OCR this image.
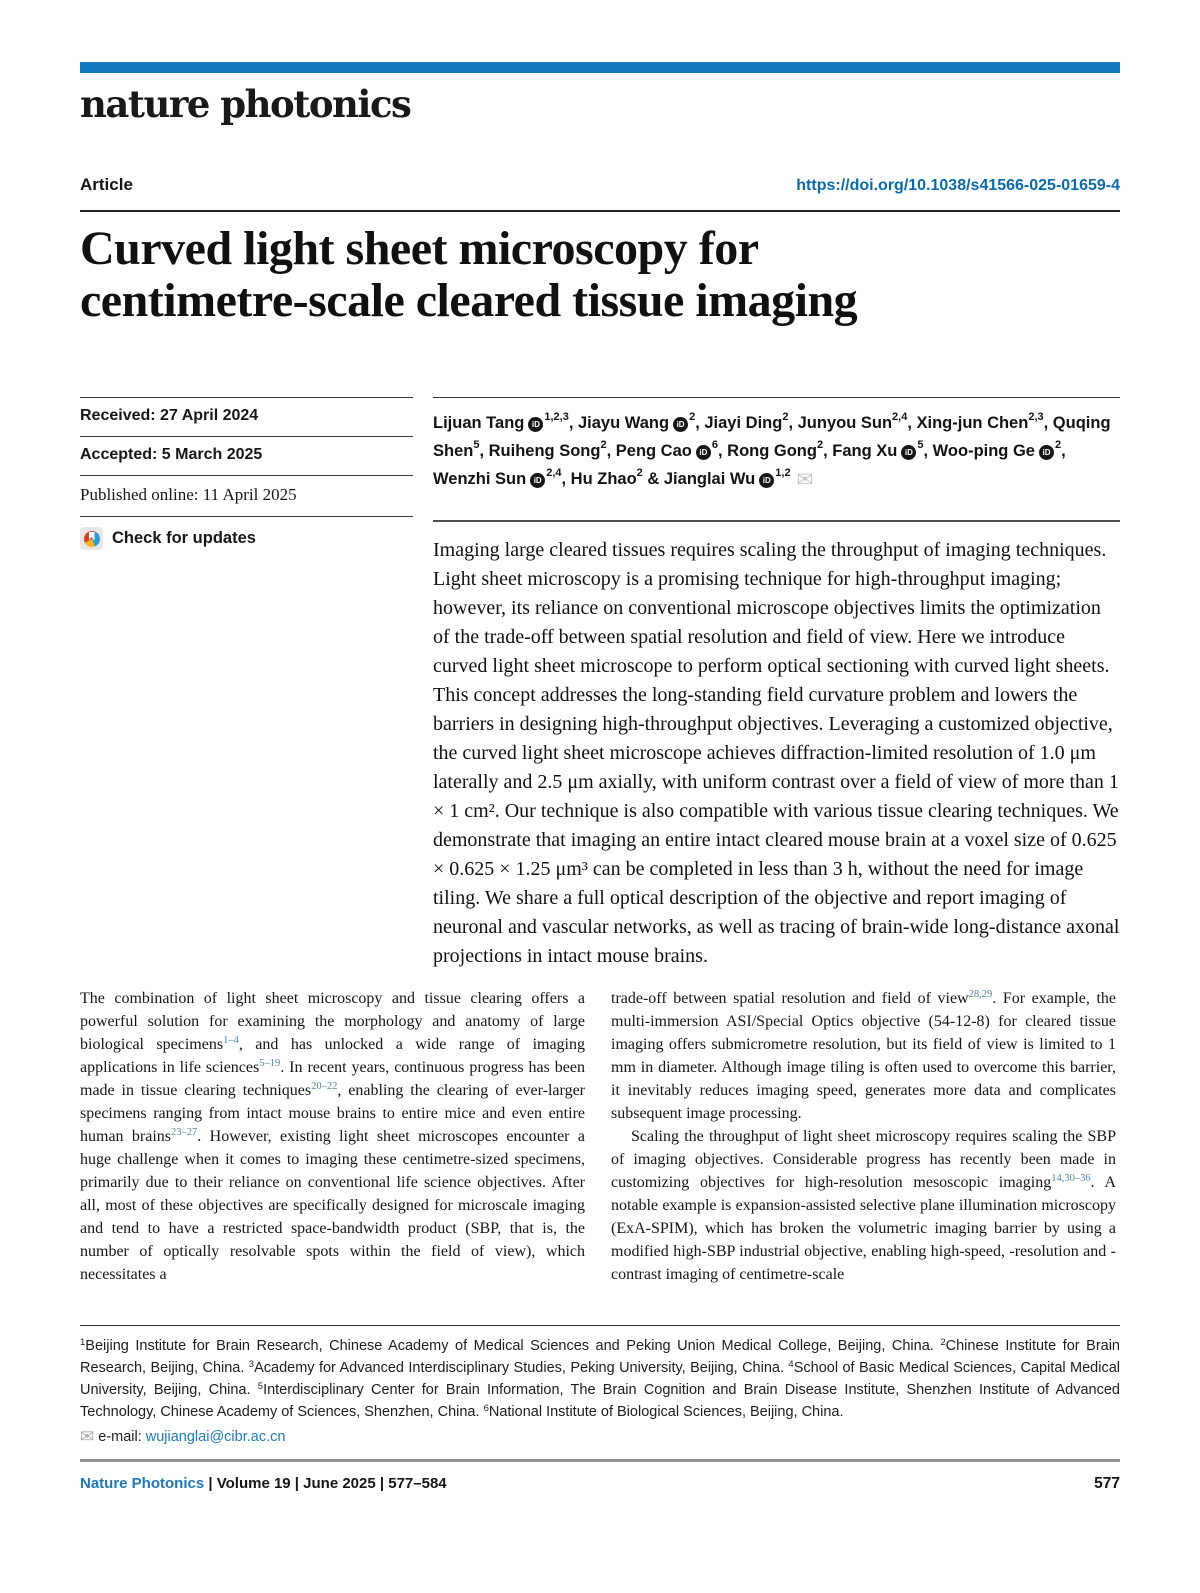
nature photonics
Article	https://doi.org/10.1038/s41566-025-01659-4
Curved light sheet microscopy for
centimetre-scale cleared tissue imaging
Received: 27 April 2024
Accepted: 5 March 2025
Published online: 11 April 2025
Check for updates

Lijuan Tang iD$^{1,2,3}$, Jiayu Wang $iD^2$, Jiayi Ding$^2$, Junyou Sun$^{2,4}$, Xing-jun Chen$^{2,3}$, Quqing Shen$^5$, Ruiheng Song$^2$, Peng Cao $iD^6$, Rong Gong$^2$, Fang Xu $iD^5$, Woo-ping Ge $iD^2$, Wenzhi Sun iD$^{2,4}$, Hu Zhao$^2$ & Jianglai Wu iD$^{1,2}$ ✉

Imaging large cleared tissues requires scaling the throughput of imaging techniques. Light sheet microscopy is a promising technique for high-throughput imaging; however, its reliance on conventional microscope objectives limits the optimization of the trade-off between spatial resolution and field of view. Here we introduce curved light sheet microscope to perform optical sectioning with curved light sheets. This concept addresses the long-standing field curvature problem and lowers the barriers in designing high-throughput objectives. Leveraging a customized objective, the curved light sheet microscope achieves diffraction-limited resolution of 1.0 μm laterally and 2.5 μm axially, with uniform contrast over a field of view of more than 1 × 1 cm². Our technique is also compatible with various tissue clearing techniques. We demonstrate that imaging an entire intact cleared mouse brain at a voxel size of 0.625 × 0.625 × 1.25 μm³ can be completed in less than 3 h, without the need for image tiling. We share a full optical description of the objective and report imaging of neuronal and vascular networks, as well as tracing of brain-wide long-distance axonal projections in intact mouse brains.

The combination of light sheet microscopy and tissue clearing offers a powerful solution for examining the morphology and anatomy of large biological specimens$^{1-4}$, and has unlocked a wide range of imaging applications in life sciences$^{5-19}$. In recent years, continuous progress has been made in tissue clearing techniques$^{20-22}$, enabling the clearing of ever-larger specimens ranging from intact mouse brains to entire mice and even entire human brains$^{23-27}$. However, existing light sheet microscopes encounter a huge challenge when it comes to imaging these centimetre-sized specimens, primarily due to their reliance on conventional life science objectives. After all, most of these objectives are specifically designed for microscale imaging and tend to have a restricted space-bandwidth product (SBP, that is, the number of optically resolvable spots within the field of view), which necessitates a

trade-off between spatial resolution and field of view$^{28,29}$. For example, the multi-immersion ASI/Special Optics objective (54-12-8) for cleared tissue imaging offers submicrometre resolution, but its field of view is limited to 1 mm in diameter. Although image tiling is often used to overcome this barrier, it inevitably reduces imaging speed, generates more data and complicates subsequent image processing.

Scaling the throughput of light sheet microscopy requires scaling the SBP of imaging objectives. Considerable progress has recently been made in customizing objectives for high-resolution mesoscopic imaging$^{14,30-36}$. A notable example is expansion-assisted selective plane illumination microscopy (ExA-SPIM), which has broken the volumetric imaging barrier by using a modified high-SBP industrial objective, enabling high-speed, -resolution and -contrast imaging of centimetre-scale

$^1$Beijing Institute for Brain Research, Chinese Academy of Medical Sciences and Peking Union Medical College, Beijing, China. $^2$Chinese Institute for Brain Research, Beijing, China. $^3$Academy for Advanced Interdisciplinary Studies, Peking University, Beijing, China. $^4$School of Basic Medical Sciences, Capital Medical University, Beijing, China. $^5$Interdisciplinary Center for Brain Information, The Brain Cognition and Brain Disease Institute, Shenzhen Institute of Advanced Technology, Chinese Academy of Sciences, Shenzhen, China. $^6$National Institute of Biological Sciences, Beijing, China.
✉ e-mail: wujianglai@cibr.ac.cn
Nature Photonics | Volume 19 | June 2025 | 577–584	577
